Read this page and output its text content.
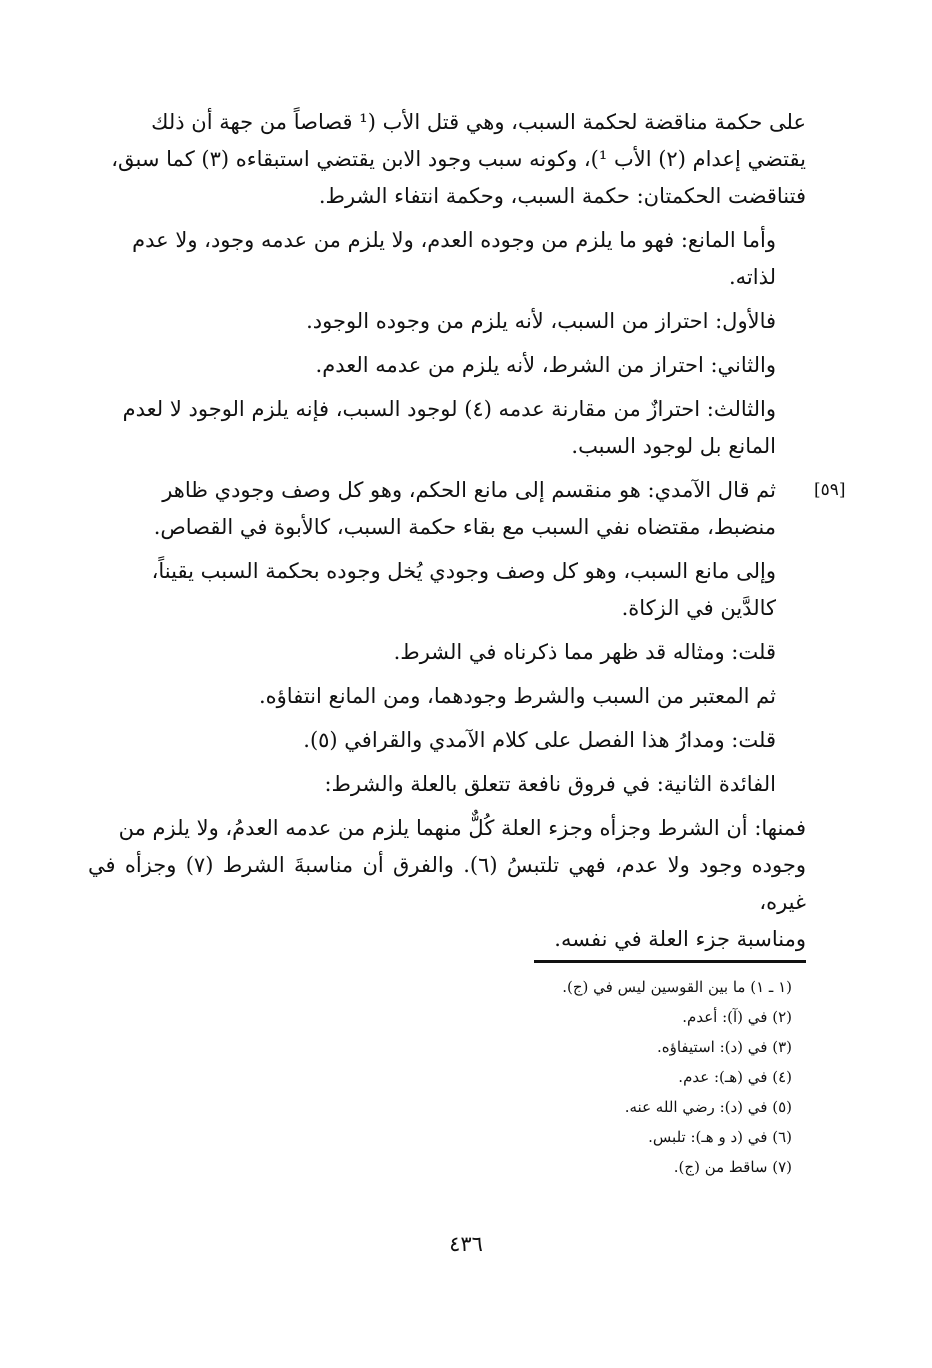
على حكمة مناقضة لحكمة السبب، وهي قتل الأب (¹ قصاصاً من جهة أن ذلك
يقتضي إعدام (٢) الأب ¹)، وكونه سبب وجود الابن يقتضي استبقاءه (٣) كما سبق،
فتناقضت الحكمتان: حكمة السبب، وحكمة انتفاء الشرط.

وأما المانع: فهو ما يلزم من وجوده العدم، ولا يلزم من عدمه وجود، ولا عدم
لذاته.

فالأول: احتراز من السبب، لأنه يلزم من وجوده الوجود.

والثاني: احتراز من الشرط، لأنه يلزم من عدمه العدم.

والثالث: احترازٌ من مقارنة عدمه (٤) لوجود السبب، فإنه يلزم الوجود لا لعدم
المانع بل لوجود السبب.

ثم قال الآمدي: هو منقسم إلى مانع الحكم، وهو كل وصف وجودي ظاهر
منضبط، مقتضاه نفي السبب مع بقاء حكمة السبب، كالأبوة في القصاص.

وإلى مانع السبب، وهو كل وصف وجودي يُخل وجوده بحكمة السبب يقيناً،
كالدَّين في الزكاة.

قلت: ومثاله قد ظهر مما ذكرناه في الشرط.

ثم المعتبر من السبب والشرط وجودهما، ومن المانع انتفاؤه.

قلت: ومدارُ هذا الفصل على كلام الآمدي والقرافي (٥).

الفائدة الثانية: في فروق نافعة تتعلق بالعلة والشرط:

فمنها: أن الشرط وجزأه وجزء العلة كُلٌّ منهما يلزم من عدمه العدمُ، ولا يلزم من
وجوده وجود ولا عدم، فهي تلتبسُ (٦). والفرق أن مناسبةَ الشرط (٧) وجزأه في غيره،
ومناسبة جزء العلة في نفسه.

[٥٩]
(١ ـ ١) ما بين القوسين ليس في (ج).
(٢) في (آ): أعدم.
(٣) في (د): استيفاؤه.
(٤) في (هـ): عدم.
(٥) في (د): رضي الله عنه.
(٦) في (د و هـ): تلبس.
(٧) ساقط من (ج).
٤٣٦
